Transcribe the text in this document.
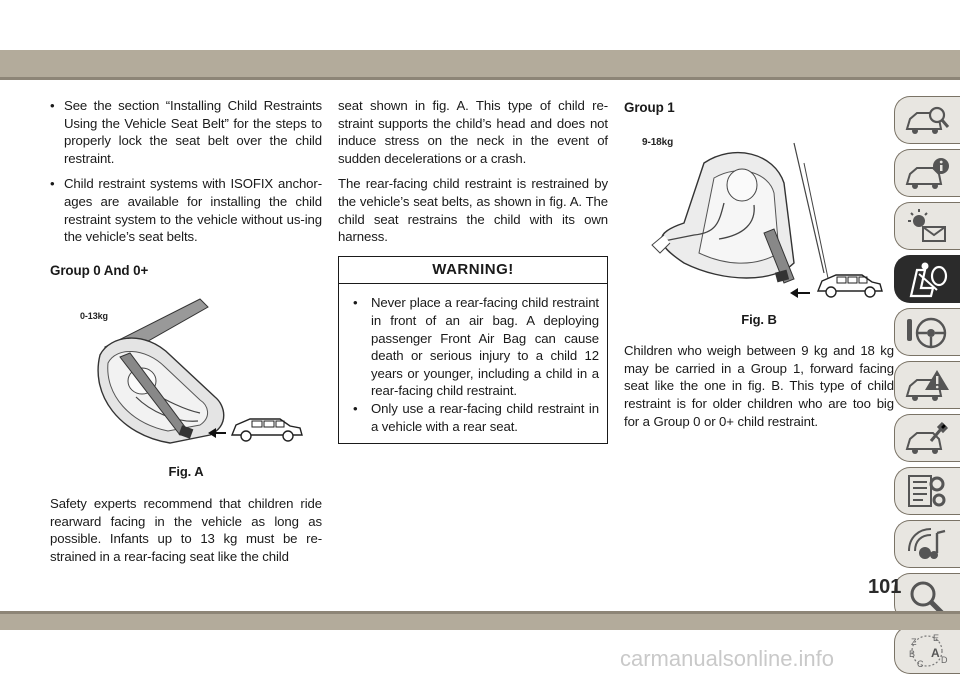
• See the section “Installing Child Restraints Using the Vehicle Seat Belt” for the steps to properly lock the seat belt over the child restraint.

• Child restraint systems with ISOFIX anchor-ages are available for installing the child restraint system to the vehicle without us-ing the vehicle’s seat belts.

Group 0 And 0+
0-13kg

Fig. A

Safety experts recommend that children ride rearward facing in the vehicle as long as possible. Infants up to 13 kg must be re-strained in a rear-facing seat like the child

seat shown in fig. A. This type of child re-straint supports the child’s head and does not induce stress on the neck in the event of sudden decelerations or a crash.

The rear-facing child restraint is restrained by the vehicle’s seat belts, as shown in fig. A. The child seat restrains the child with its own harness.

WARNING!

• Never place a rear-facing child restraint in front of an air bag. A deploying passenger Front Air Bag can cause death or serious injury to a child 12 years or younger, including a child in a rear-facing child restraint.

• Only use a rear-facing child restraint in a vehicle with a rear seat.

Group 1
9-18kg

Fig. B

Children who weigh between 9 kg and 18 kg may be carried in a Group 1, forward facing seat like the one in fig. B. This type of child restraint is for older children who are too big for a Group 0 or 0+ child restraint.

Z E
B A
C D
101
carmanualsonline.info
